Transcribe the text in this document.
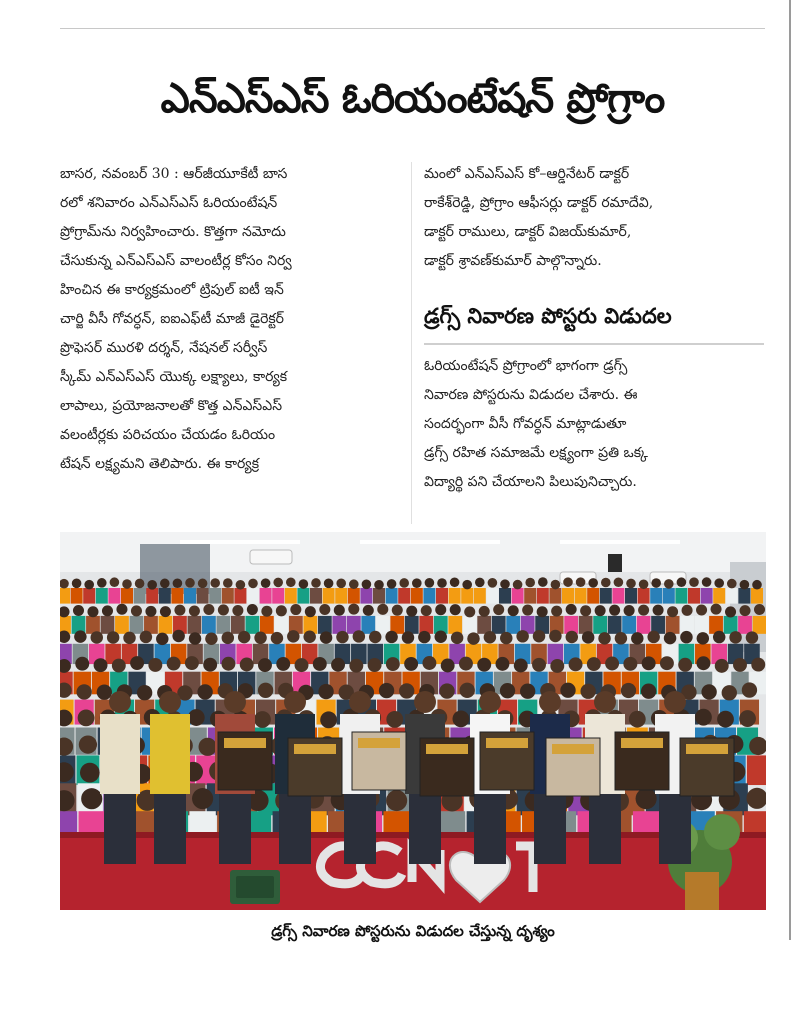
ఎన్ఎస్ఎస్ ఓరియంటేషన్ ప్రోగ్రాం
బాసర, నవంబర్ 30 : ఆర్‌జీయూకేటీ బాస
రలో శనివారం ఎన్ఎస్ఎస్ ఓరియంటేషన్
ప్రోగ్రామ్‌ను నిర్వహించారు. కొత్తగా నమోదు
చేసుకున్న ఎన్ఎస్ఎస్ వాలంటీర్ల కోసం నిర్వ
హించిన ఈ కార్యక్రమంలో ట్రిపుల్ ఐటీ ఇన్
చార్జి వీసీ గోవర్ధన్, ఐఐఎఫ్‌టీ మాజీ డైరెక్టర్
ప్రొఫెసర్ మురళి దర్శన్, నేషనల్ సర్వీస్
స్కీమ్ ఎన్ఎస్ఎస్ యొక్క లక్ష్యాలు, కార్యక
లాపాలు, ప్రయోజనాలతో కొత్త ఎన్ఎస్ఎస్
వలంటీర్లకు పరిచయం చేయడం ఓరియం
టేషన్ లక్ష్యమని తెలిపారు. ఈ కార్యక్ర
మంలో ఎన్ఎస్ఎస్ కో–ఆర్డినేటర్ డాక్టర్
రాకేశ్‌రెడ్డి, ప్రోగ్రాం ఆఫీసర్లు డాక్టర్ రమాదేవి,
డాక్టర్ రాములు, డాక్టర్ విజయ్‌కుమార్,
డాక్టర్ శ్రావణ్‌కుమార్ పాల్గొన్నారు.
డ్రగ్స్ నివారణ పోస్టరు విడుదల
ఓరియంటేషన్ ప్రోగ్రాంలో భాగంగా డ్రగ్స్
నివారణ పోస్టరును విడుదల చేశారు. ఈ
సందర్భంగా వీసీ గోవర్ధన్ మాట్లాడుతూ
డ్రగ్స్ రహిత సమాజమే లక్ష్యంగా ప్రతి ఒక్క
విద్యార్థి పని చేయాలని పిలుపునిచ్చారు.
డ్రగ్స్ నివారణ పోస్టరును విడుదల చేస్తున్న దృశ్యం
